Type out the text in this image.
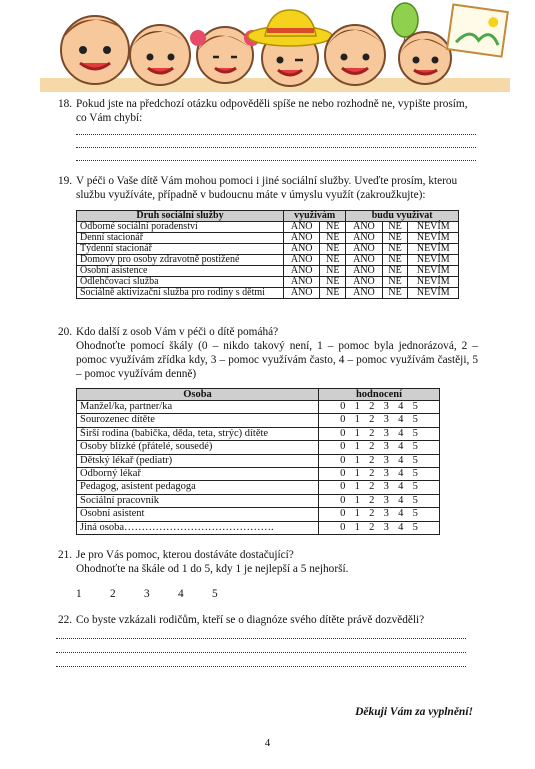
18. Pokud jste na předchozí otázku odpověděli spíše ne nebo rozhodně ne, vypište prosím, co Vám chybí:
19. V péči o Vaše dítě Vám mohou pomoci i jiné sociální služby. Uveďte prosím, kterou službu využíváte, případně v budoucnu máte v úmyslu využít (zakroužkujte):
Druh sociální služby	využívám		budu využívat		
Odborné sociální poradenství	ANO	NE	ANO	NE	NEVÍM
Denní stacionář	ANO	NE	ANO	NE	NEVÍM
Týdenní stacionář	ANO	NE	ANO	NE	NEVÍM
Domovy pro osoby zdravotně postižené	ANO	NE	ANO	NE	NEVÍM
Osobní asistence	ANO	NE	ANO	NE	NEVÍM
Odlehčovací služba	ANO	NE	ANO	NE	NEVÍM
Sociálně aktivizační služba pro rodiny s dětmi	ANO	NE	ANO	NE	NEVÍM
20. Kdo další z osob Vám v péči o dítě pomáhá?
Ohodnoťte pomocí škály (0 – nikdo takový není, 1 – pomoc byla jednorázová, 2 – pomoc využívám zřídka kdy, 3 – pomoc využívám často, 4 – pomoc využívám častěji, 5 – pomoc využívám denně)
Osoba	hodnocení
Manžel/ka, partner/ka	0 1 2 3 4 5
Sourozenec dítěte	0 1 2 3 4 5
Širší rodina (babička, děda, teta, strýc) dítěte	0 1 2 3 4 5
Osoby blízké (přátelé, sousedé)	0 1 2 3 4 5
Dětský lékař (pediatr)	0 1 2 3 4 5
Odborný lékař	0 1 2 3 4 5
Pedagog, asistent pedagoga	0 1 2 3 4 5
Sociální pracovník	0 1 2 3 4 5
Osobní asistent	0 1 2 3 4 5
Jiná osoba…………………………………….	0 1 2 3 4 5
21. Je pro Vás pomoc, kterou dostáváte dostačující?
Ohodnoťte na škále od 1 do 5, kdy 1 je nejlepší a 5 nejhorší.
1	2	3	4	5
22. Co byste vzkázali rodičům, kteří se o diagnóze svého dítěte právě dozvěděli?
Děkuji Vám za vyplnění!
4
